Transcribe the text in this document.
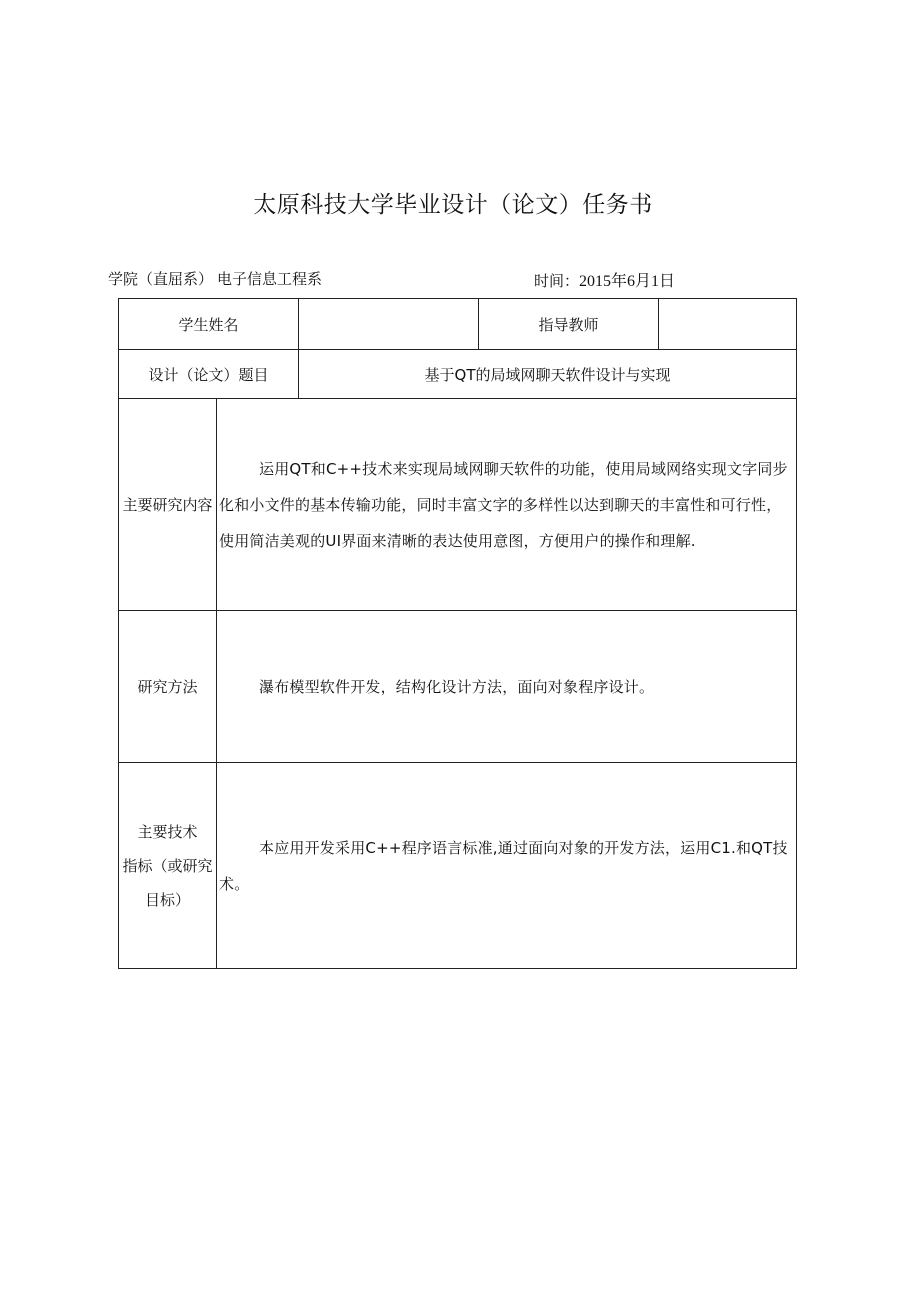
太原科技大学毕业设计（论文）任务书
学院（直屈系） 电子信息工程系	时间：2015年6月1日
学生姓名			指导教师	
设计（论文）题目		基于QT的局域网聊天软件设计与实现		
主要研究内容	运用QT和C++技术来实现局域网聊天软件的功能，使用局域网络实现文字同步化和小文件的基本传输功能，同时丰富文字的多样性以达到聊天的丰富性和可行性，使用简洁美观的UI界面来清晰的表达使用意图，方便用户的操作和理解.			
研究方法	瀑布模型软件开发，结构化设计方法，面向对象程序设计。			

主要技术
指标（或研究
目标）	本应用开发采用C++程序语言标准,通过面向对象的开发方法，运用C1.和QT技术。			
